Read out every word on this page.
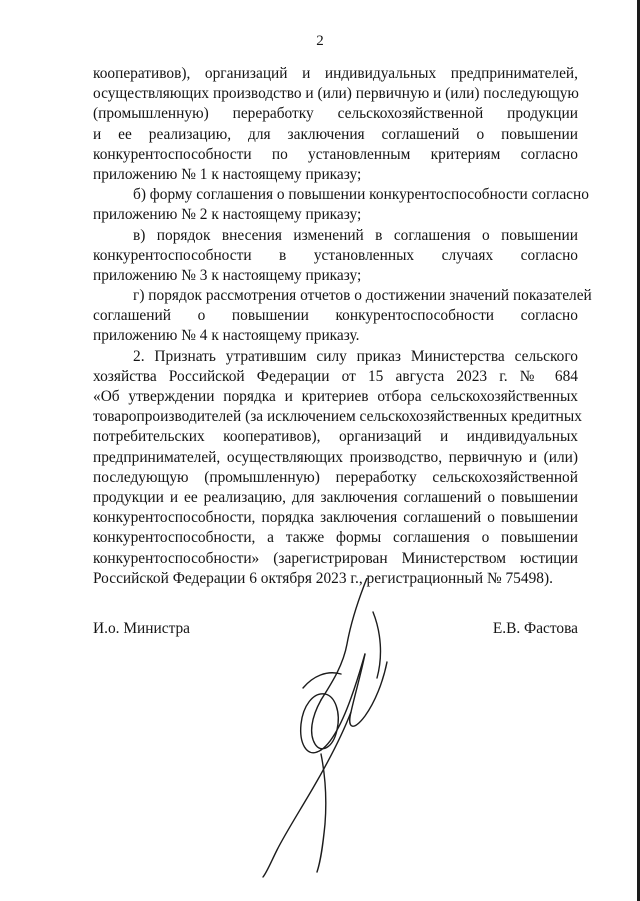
2
кооперативов), организаций и индивидуальных предпринимателей,
осуществляющих производство и (или) первичную и (или) последующую
(промышленную) переработку сельскохозяйственной продукции
и ее реализацию, для заключения соглашений о повышении
конкурентоспособности по установленным критериям согласно
приложению № 1 к настоящему приказу;
б) форму соглашения о повышении конкурентоспособности согласно
приложению № 2 к настоящему приказу;
в) порядок внесения изменений в соглашения о повышении
конкурентоспособности в установленных случаях согласно
приложению № 3 к настоящему приказу;
г) порядок рассмотрения отчетов о достижении значений показателей
соглашений о повышении конкурентоспособности согласно
приложению № 4 к настоящему приказу.
2. Признать утратившим силу приказ Министерства сельского
хозяйства Российской Федерации от 15 августа 2023 г. № 684
«Об утверждении порядка и критериев отбора сельскохозяйственных
товаропроизводителей (за исключением сельскохозяйственных кредитных
потребительских кооперативов), организаций и индивидуальных
предпринимателей, осуществляющих производство, первичную и (или)
последующую (промышленную) переработку сельскохозяйственной
продукции и ее реализацию, для заключения соглашений о повышении
конкурентоспособности, порядка заключения соглашений о повышении
конкурентоспособности, а также формы соглашения о повышении
конкурентоспособности» (зарегистрирован Министерством юстиции
Российской Федерации 6 октября 2023 г., регистрационный № 75498).
И.о. Министра	Е.В. Фастова
